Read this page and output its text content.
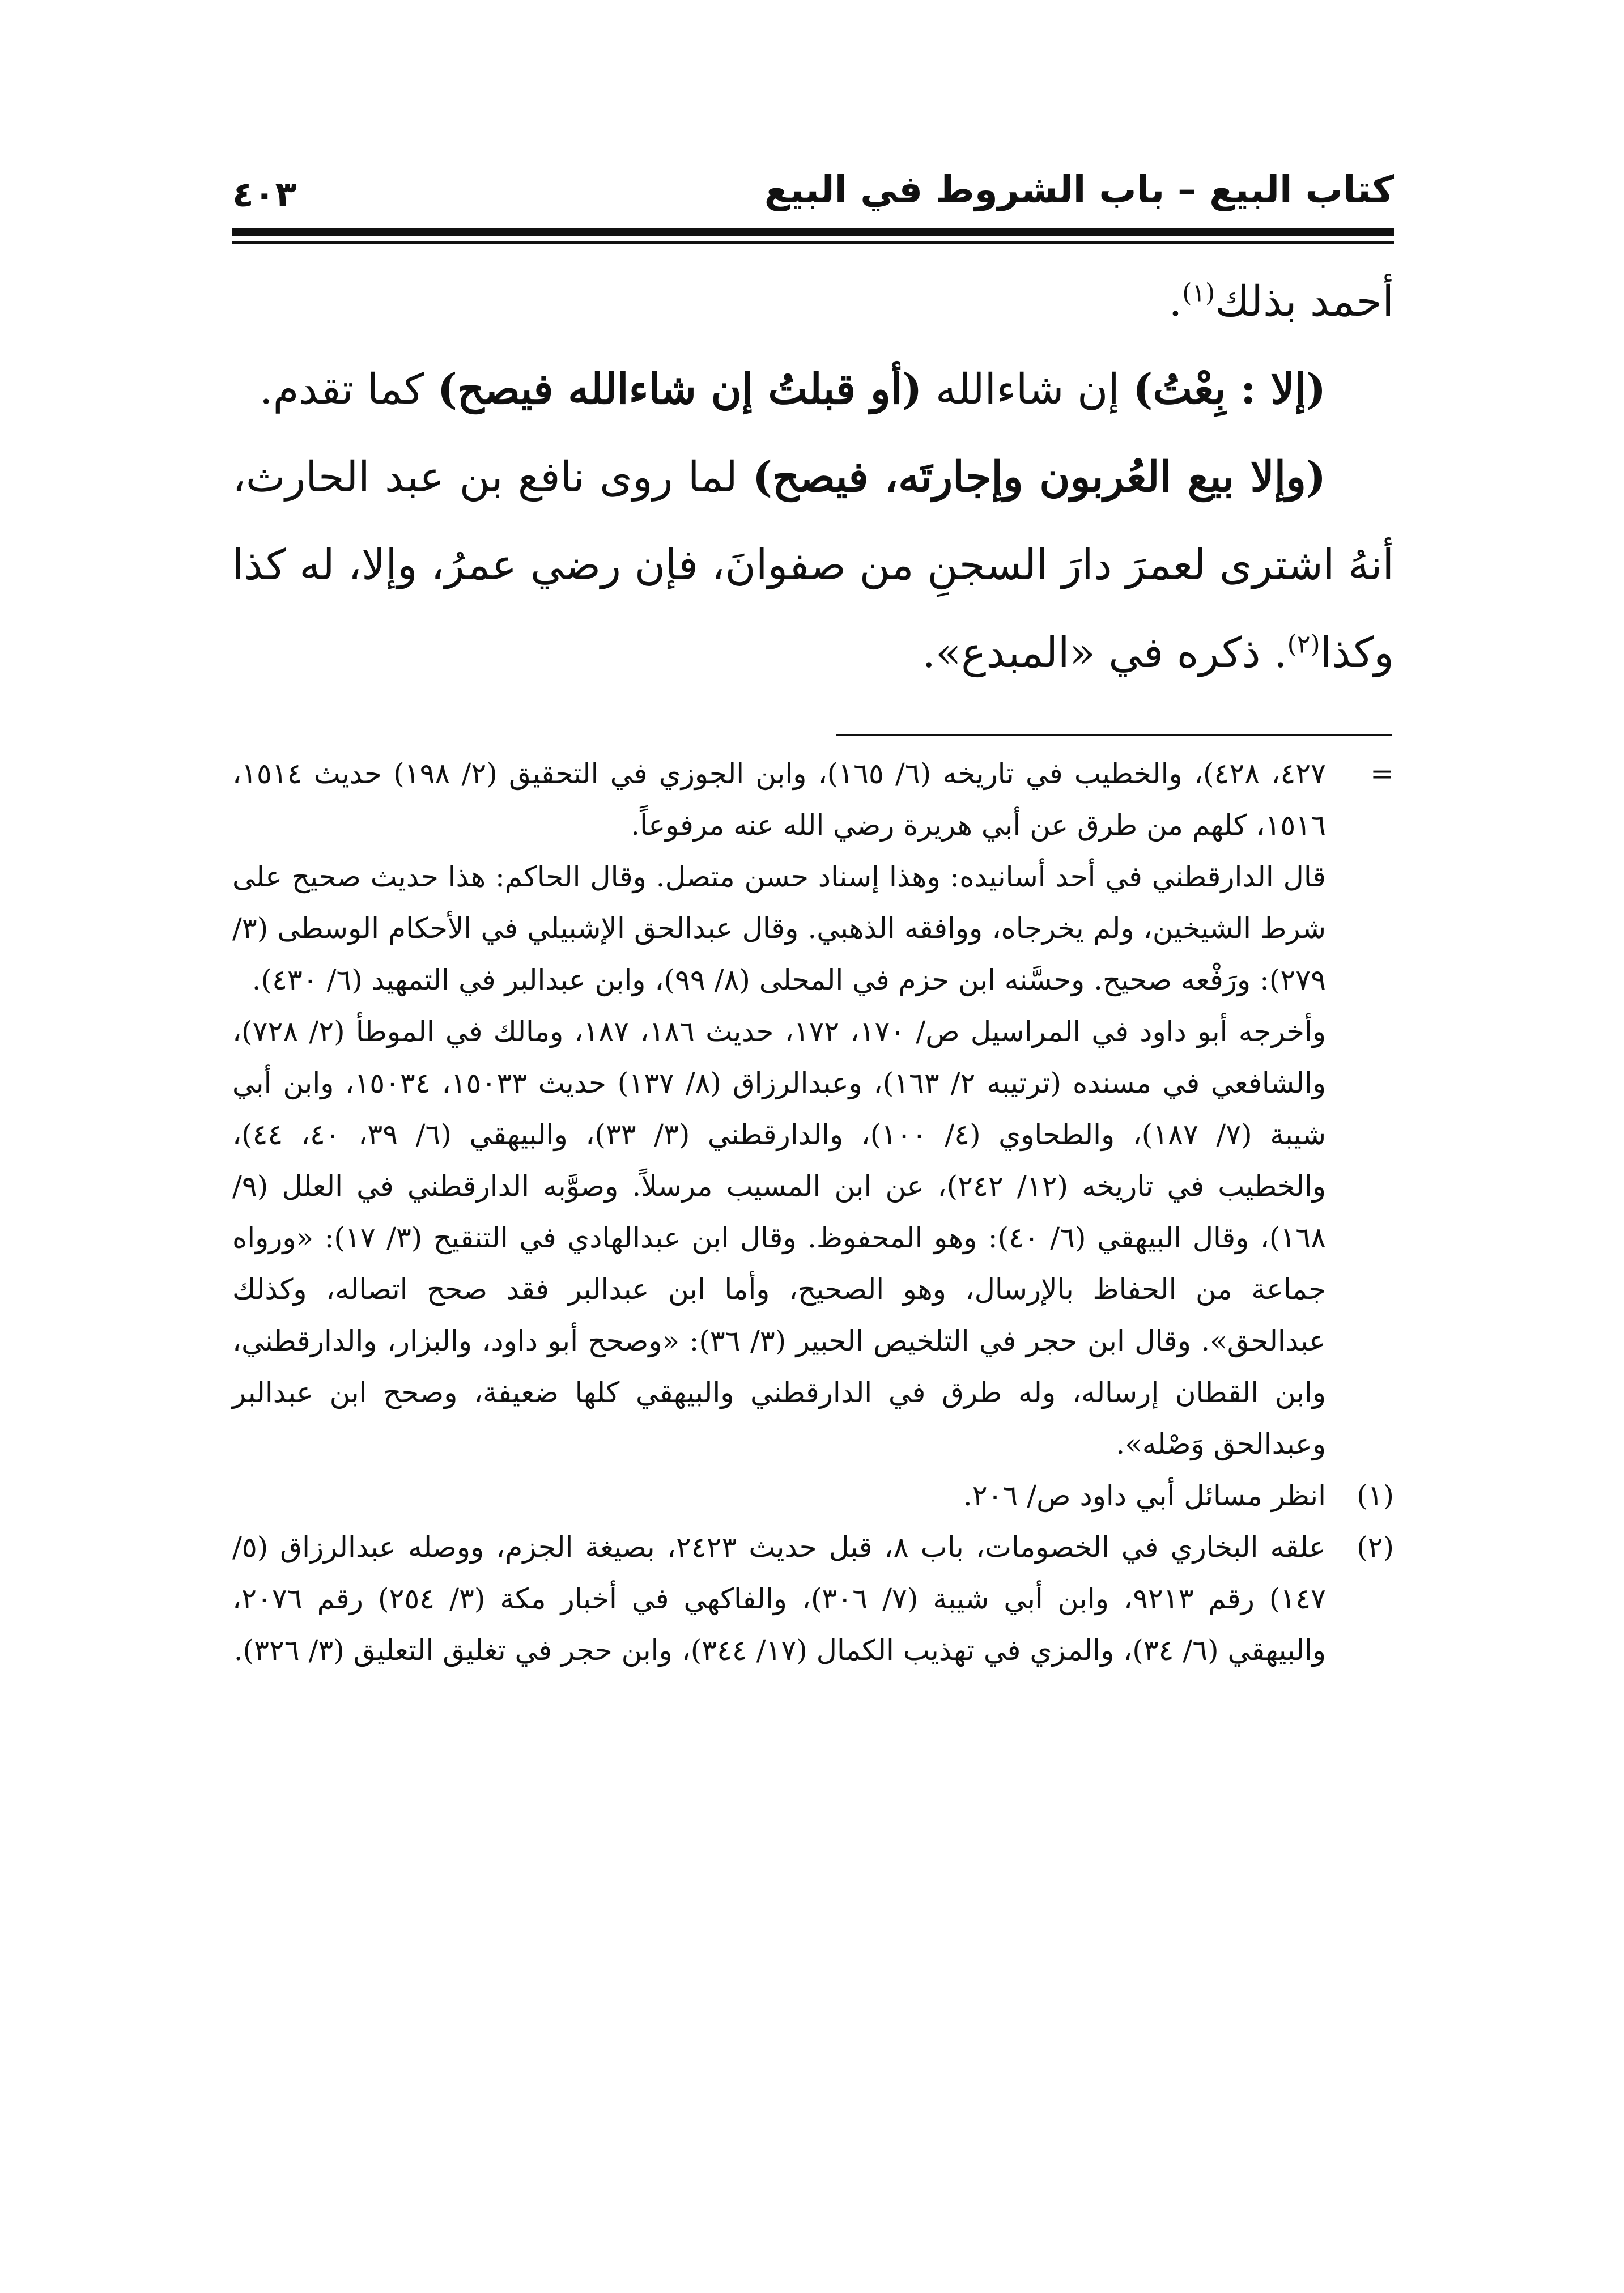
كتاب البيع – باب الشروط في البيع
٤٠٣

أحمد بذلك$^{(١)}$.

(إلا : بِعْتُ) إن شاءالله (أو قبلتُ إن شاءالله فيصح) كما تقدم.

(وإلا بيع العُربون وإجارتَه، فيصح) لما روى نافع بن عبد الحارث، أنهُ اشترى لعمرَ دارَ السجنِ من صفوانَ، فإن رضي عمرُ، وإلا، له كذا وكذا$^{(٢)}$. ذكره في «المبدع».

=

٤٢٧، ٤٢٨)، والخطيب في تاريخه (٦/ ١٦٥)، وابن الجوزي في التحقيق (٢/ ١٩٨) حديث ١٥١٤، ١٥١٦، كلهم من طرق عن أبي هريرة رضي الله عنه مرفوعاً.

قال الدارقطني في أحد أسانيده: وهذا إسناد حسن متصل. وقال الحاكم: هذا حديث صحيح على شرط الشيخين، ولم يخرجاه، ووافقه الذهبي. وقال عبدالحق الإشبيلي في الأحكام الوسطى (٣/ ٢٧٩): ورَفْعه صحيح. وحسَّنه ابن حزم في المحلى (٨/ ٩٩)، وابن عبدالبر في التمهيد (٦/ ٤٣٠).

وأخرجه أبو داود في المراسيل ص/ ١٧٠، ١٧٢، حديث ١٨٦، ١٨٧، ومالك في الموطأ (٢/ ٧٢٨)، والشافعي في مسنده (ترتيبه ٢/ ١٦٣)، وعبدالرزاق (٨/ ١٣٧) حديث ١٥٠٣٣، ١٥٠٣٤، وابن أبي شيبة (٧/ ١٨٧)، والطحاوي (٤/ ١٠٠)، والدارقطني (٣/ ٣٣)، والبيهقي (٦/ ٣٩، ٤٠، ٤٤)، والخطيب في تاريخه (١٢/ ٢٤٢)، عن ابن المسيب مرسلاً. وصوَّبه الدارقطني في العلل (٩/ ١٦٨)، وقال البيهقي (٦/ ٤٠): وهو المحفوظ. وقال ابن عبدالهادي في التنقيح (٣/ ١٧): «ورواه جماعة من الحفاظ بالإرسال، وهو الصحيح، وأما ابن عبدالبر فقد صحح اتصاله، وكذلك عبدالحق». وقال ابن حجر في التلخيص الحبير (٣/ ٣٦): «وصحح أبو داود، والبزار، والدارقطني، وابن القطان إرساله، وله طرق في الدارقطني والبيهقي كلها ضعيفة، وصحح ابن عبدالبر وعبدالحق وَصْله».

(١)

انظر مسائل أبي داود ص/ ٢٠٦.

(٢)

علقه البخاري في الخصومات، باب ٨، قبل حديث ٢٤٢٣، بصيغة الجزم، ووصله عبدالرزاق (٥/ ١٤٧) رقم ٩٢١٣، وابن أبي شيبة (٧/ ٣٠٦)، والفاكهي في أخبار مكة (٣/ ٢٥٤) رقم ٢٠٧٦، والبيهقي (٦/ ٣٤)، والمزي في تهذيب الكمال (١٧/ ٣٤٤)، وابن حجر في تغليق التعليق (٣/ ٣٢٦).
